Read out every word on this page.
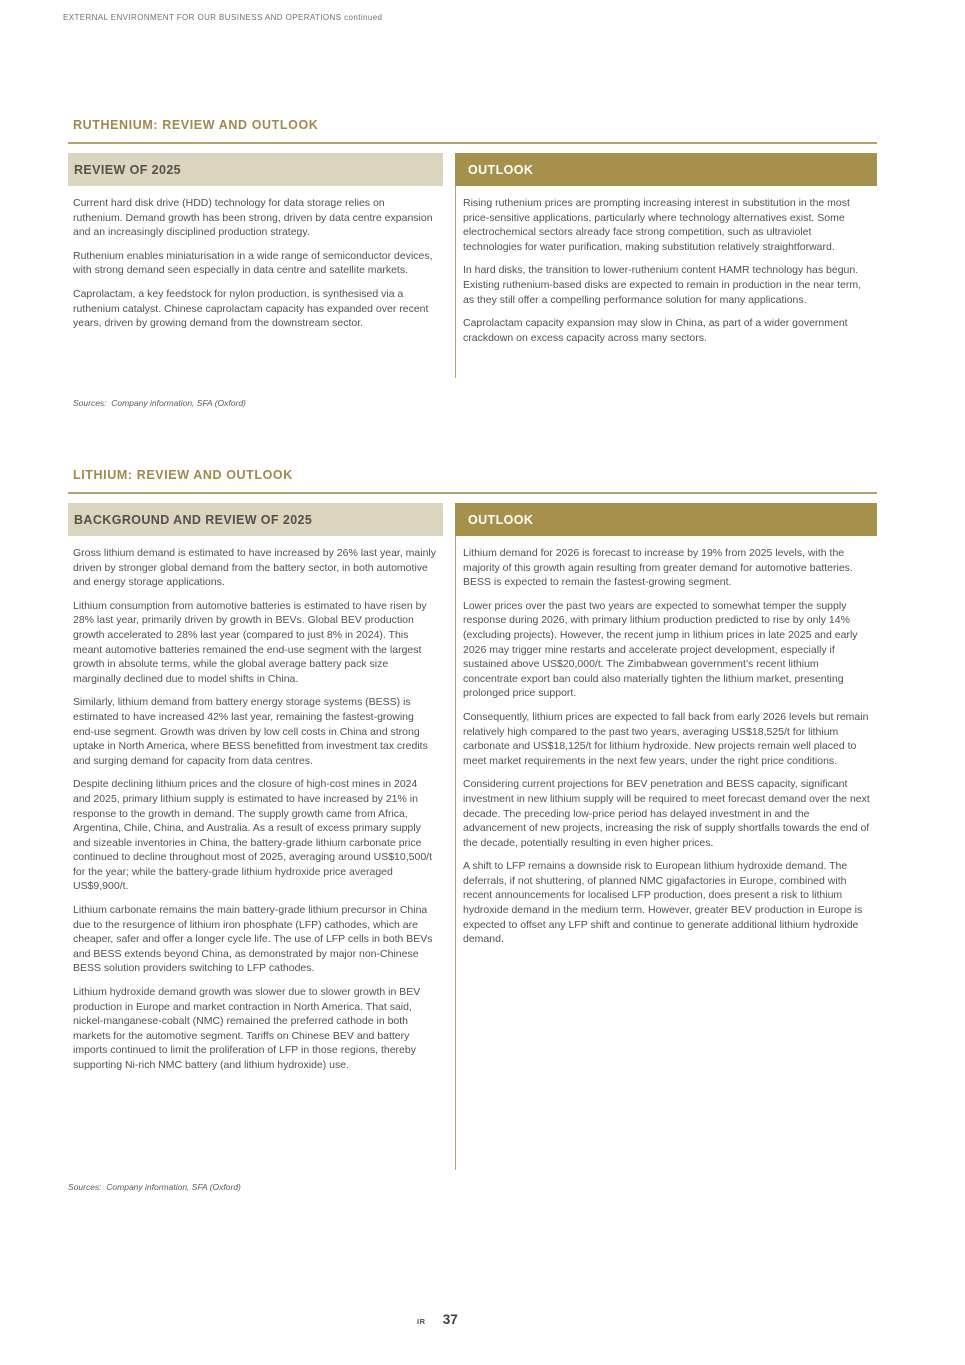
EXTERNAL ENVIRONMENT FOR OUR BUSINESS AND OPERATIONS continued
RUTHENIUM: REVIEW AND OUTLOOK
REVIEW OF 2025	OUTLOOK

Current hard disk drive (HDD) technology for data storage relies on ruthenium. Demand growth has been strong, driven by data centre expansion and an increasingly disciplined production strategy.

Ruthenium enables miniaturisation in a wide range of semiconductor devices, with strong demand seen especially in data centre and satellite markets.

Caprolactam, a key feedstock for nylon production, is synthesised via a ruthenium catalyst. Chinese caprolactam capacity has expanded over recent years, driven by growing demand from the downstream sector.

Rising ruthenium prices are prompting increasing interest in substitution in the most price-sensitive applications, particularly where technology alternatives exist. Some electrochemical sectors already face strong competition, such as ultraviolet technologies for water purification, making substitution relatively straightforward.

In hard disks, the transition to lower-ruthenium content HAMR technology has begun. Existing ruthenium-based disks are expected to remain in production in the near term, as they still offer a compelling performance solution for many applications.

Caprolactam capacity expansion may slow in China, as part of a wider government crackdown on excess capacity across many sectors.

Sources:  Company information, SFA (Oxford)
LITHIUM: REVIEW AND OUTLOOK
BACKGROUND AND REVIEW OF 2025	OUTLOOK

Gross lithium demand is estimated to have increased by 26% last year, mainly driven by stronger global demand from the battery sector, in both automotive and energy storage applications.

Lithium consumption from automotive batteries is estimated to have risen by 28% last year, primarily driven by growth in BEVs. Global BEV production growth accelerated to 28% last year (compared to just 8% in 2024). This meant automotive batteries remained the end-use segment with the largest growth in absolute terms, while the global average battery pack size marginally declined due to model shifts in China.

Similarly, lithium demand from battery energy storage systems (BESS) is estimated to have increased 42% last year, remaining the fastest-growing end-use segment. Growth was driven by low cell costs in China and strong uptake in North America, where BESS benefitted from investment tax credits and surging demand for capacity from data centres.

Despite declining lithium prices and the closure of high-cost mines in 2024 and 2025, primary lithium supply is estimated to have increased by 21% in response to the growth in demand. The supply growth came from Africa, Argentina, Chile, China, and Australia. As a result of excess primary supply and sizeable inventories in China, the battery-grade lithium carbonate price continued to decline throughout most of 2025, averaging around US$10,500/t for the year; while the battery-grade lithium hydroxide price averaged US$9,900/t.

Lithium carbonate remains the main battery-grade lithium precursor in China due to the resurgence of lithium iron phosphate (LFP) cathodes, which are cheaper, safer and offer a longer cycle life. The use of LFP cells in both BEVs and BESS extends beyond China, as demonstrated by major non-Chinese BESS solution providers switching to LFP cathodes.

Lithium hydroxide demand growth was slower due to slower growth in BEV production in Europe and market contraction in North America. That said, nickel-manganese-cobalt (NMC) remained the preferred cathode in both markets for the automotive segment. Tariffs on Chinese BEV and battery imports continued to limit the proliferation of LFP in those regions, thereby supporting Ni-rich NMC battery (and lithium hydroxide) use.

Lithium demand for 2026 is forecast to increase by 19% from 2025 levels, with the majority of this growth again resulting from greater demand for automotive batteries. BESS is expected to remain the fastest-growing segment.

Lower prices over the past two years are expected to somewhat temper the supply response during 2026, with primary lithium production predicted to rise by only 14% (excluding projects). However, the recent jump in lithium prices in late 2025 and early 2026 may trigger mine restarts and accelerate project development, especially if sustained above US$20,000/t. The Zimbabwean government’s recent lithium concentrate export ban could also materially tighten the lithium market, presenting prolonged price support.

Consequently, lithium prices are expected to fall back from early 2026 levels but remain relatively high compared to the past two years, averaging US$18,525/t for lithium carbonate and US$18,125/t for lithium hydroxide. New projects remain well placed to meet market requirements in the next few years, under the right price conditions.

Considering current projections for BEV penetration and BESS capacity, significant investment in new lithium supply will be required to meet forecast demand over the next decade. The preceding low-price period has delayed investment in and the advancement of new projects, increasing the risk of supply shortfalls towards the end of the decade, potentially resulting in even higher prices.

A shift to LFP remains a downside risk to European lithium hydroxide demand. The deferrals, if not shuttering, of planned NMC gigafactories in Europe, combined with recent announcements for localised LFP production, does present a risk to lithium hydroxide demand in the medium term. However, greater BEV production in Europe is expected to offset any LFP shift and continue to generate additional lithium hydroxide demand.

Sources:  Company information, SFA (Oxford)
IR 37
